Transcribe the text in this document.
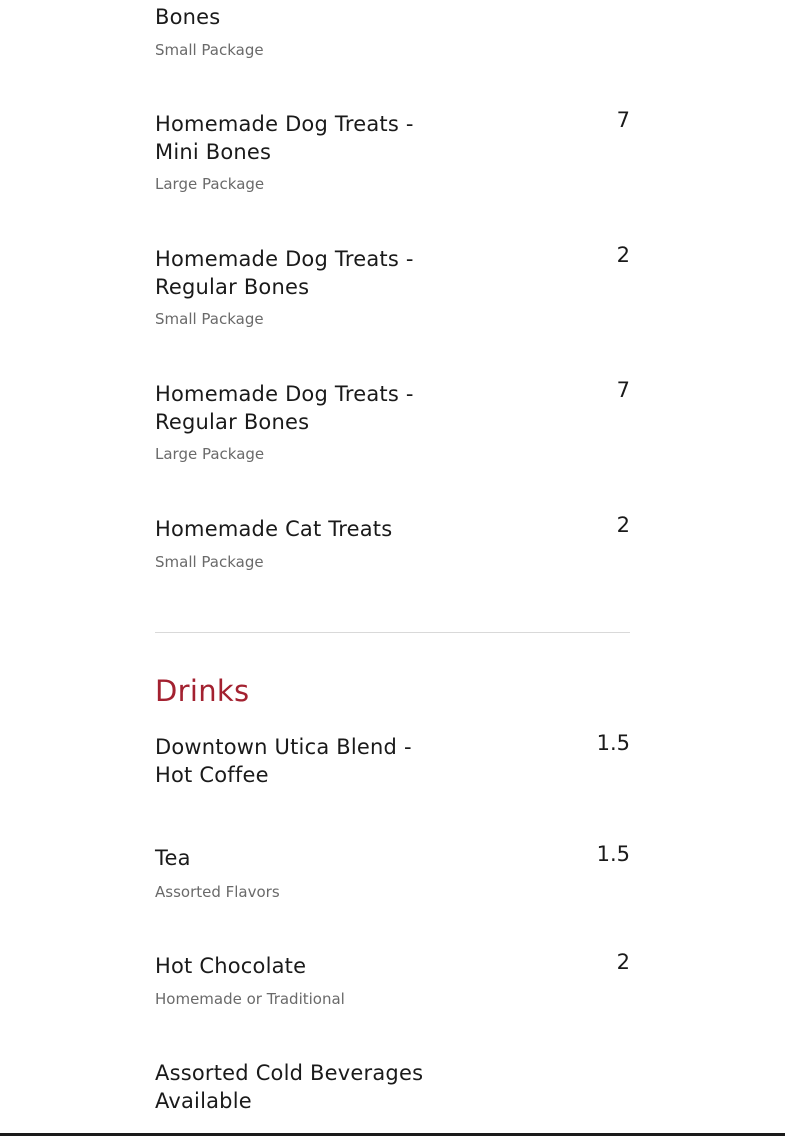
Bones
Small Package
Homemade Dog Treats - Mini Bones
Large Package
7
Homemade Dog Treats - Regular Bones
Small Package
2
Homemade Dog Treats - Regular Bones
Large Package
7
Homemade Cat Treats
Small Package
2
Drinks
Downtown Utica Blend - Hot Coffee
1.5
Tea
Assorted Flavors
1.5
Hot Chocolate
Homemade or Traditional
2
Assorted Cold Beverages Available
